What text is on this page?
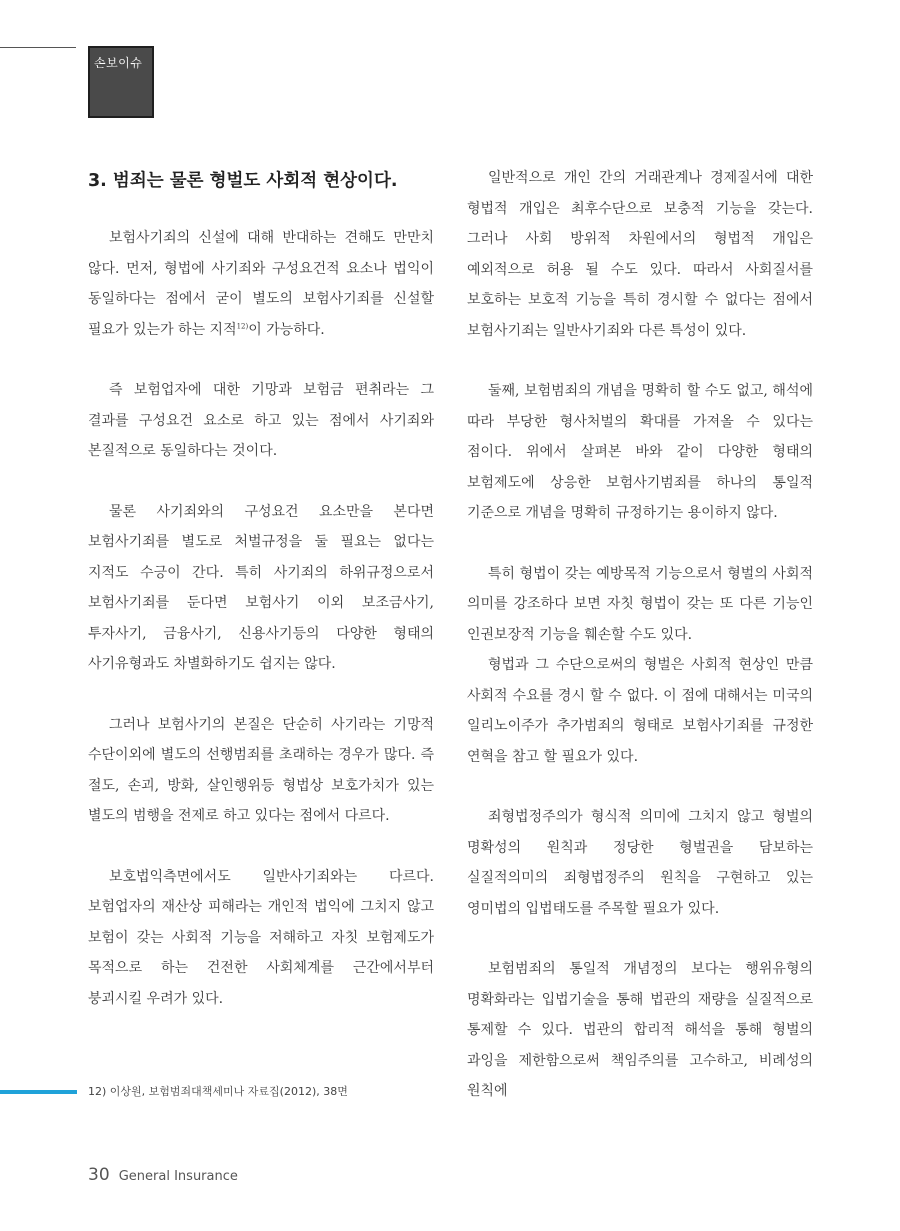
손보이슈
3. 범죄는 물론 형벌도 사회적 현상이다.

보험사기죄의 신설에 대해 반대하는 견해도 만만치 않다. 먼저, 형법에 사기죄와 구성요건적 요소나 법익이 동일하다는 점에서 굳이 별도의 보험사기죄를 신설할 필요가 있는가 하는 지적$^{12)}$이 가능하다.

즉 보험업자에 대한 기망과 보험금 편취라는 그 결과를 구성요건 요소로 하고 있는 점에서 사기죄와 본질적으로 동일하다는 것이다.

물론 사기죄와의 구성요건 요소만을 본다면 보험사기죄를 별도로 처벌규정을 둘 필요는 없다는 지적도 수긍이 간다. 특히 사기죄의 하위규정으로서 보험사기죄를 둔다면 보험사기 이외 보조금사기, 투자사기, 금융사기, 신용사기등의 다양한 형태의 사기유형과도 차별화하기도 쉽지는 않다.

그러나 보험사기의 본질은 단순히 사기라는 기망적 수단이외에 별도의 선행범죄를 초래하는 경우가 많다. 즉 절도, 손괴, 방화, 살인행위등 형법상 보호가치가 있는 별도의 범행을 전제로 하고 있다는 점에서 다르다.

보호법익측면에서도 일반사기죄와는 다르다. 보험업자의 재산상 피해라는 개인적 법익에 그치지 않고 보험이 갖는 사회적 기능을 저해하고 자칫 보험제도가 목적으로 하는 건전한 사회체계를 근간에서부터 붕괴시킬 우려가 있다.

일반적으로 개인 간의 거래관계나 경제질서에 대한 형법적 개입은 최후수단으로 보충적 기능을 갖는다. 그러나 사회 방위적 차원에서의 형법적 개입은 예외적으로 허용 될 수도 있다. 따라서 사회질서를 보호하는 보호적 기능을 특히 경시할 수 없다는 점에서 보험사기죄는 일반사기죄와 다른 특성이 있다.

둘째, 보험범죄의 개념을 명확히 할 수도 없고, 해석에 따라 부당한 형사처벌의 확대를 가져올 수 있다는 점이다. 위에서 살펴본 바와 같이 다양한 형태의 보험제도에 상응한 보험사기범죄를 하나의 통일적 기준으로 개념을 명확히 규정하기는 용이하지 않다.

특히 형법이 갖는 예방목적 기능으로서 형벌의 사회적 의미를 강조하다 보면 자칫 형법이 갖는 또 다른 기능인 인권보장적 기능을 훼손할 수도 있다.

형법과 그 수단으로써의 형벌은 사회적 현상인 만큼 사회적 수요를 경시 할 수 없다. 이 점에 대해서는 미국의 일리노이주가 추가범죄의 형태로 보험사기죄를 규정한 연혁을 참고 할 필요가 있다.

죄형법정주의가 형식적 의미에 그치지 않고 형벌의 명확성의 원칙과 정당한 형벌권을 담보하는 실질적의미의 죄형법정주의 원칙을 구현하고 있는 영미법의 입법태도를 주목할 필요가 있다.

보험범죄의 통일적 개념정의 보다는 행위유형의 명확화라는 입법기술을 통해 법관의 재량을 실질적으로 통제할 수 있다. 법관의 합리적 해석을 통해 형벌의 과잉을 제한함으로써 책임주의를 고수하고, 비례성의 원칙에

12) 이상원, 보험범죄대책세미나 자료집(2012), 38면
30 General Insurance
